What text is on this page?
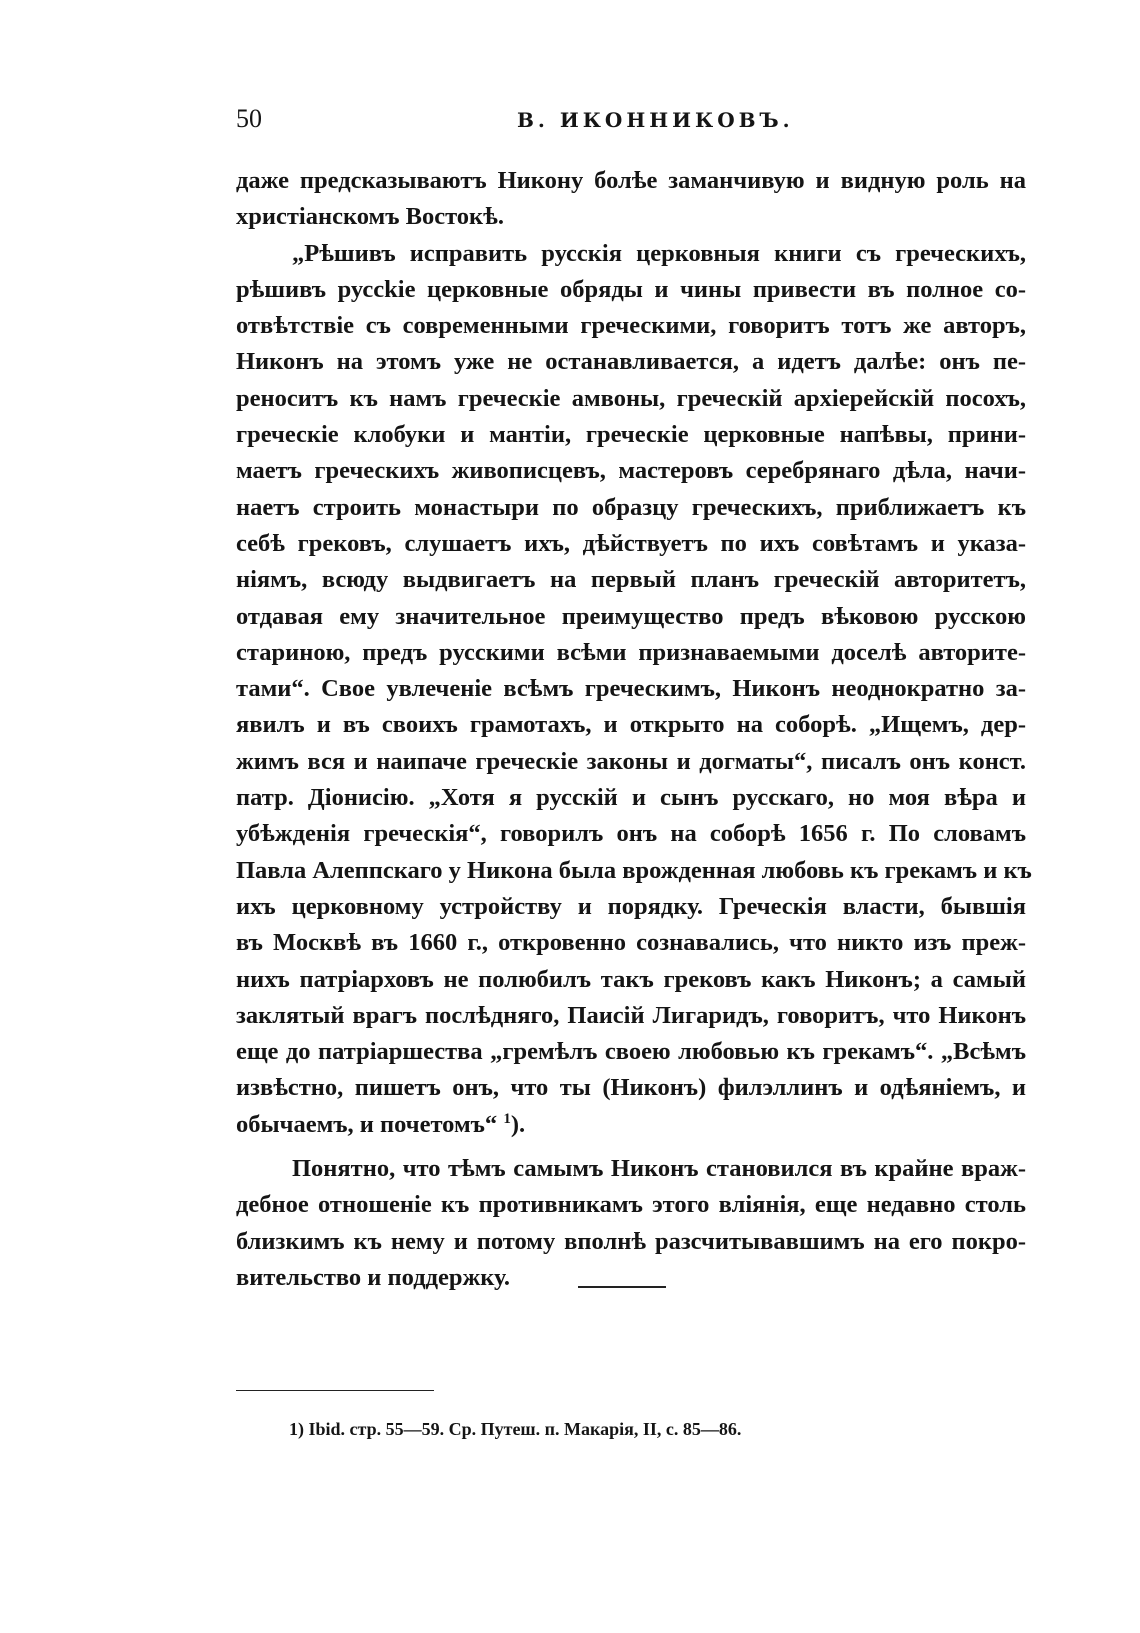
50	В. ИКОННИКОВЪ.

даже предсказываютъ Никону болѣе заманчивую и видную роль на
христіанскомъ Востокѣ.

„Рѣшивъ исправить русскія церковныя книги съ греческихъ,
рѣшивъ руссkie церковные обряды и чины привести въ полное со-
отвѣтствіе съ современными греческими, говоритъ тотъ же авторъ,
Никонъ на этомъ уже не останавливается, а идетъ далѣе: онъ пе-
реноситъ къ намъ греческіе амвоны, греческій архіерейскій посохъ,
греческіе клобуки и мантіи, греческіе церковные напѣвы, прини-
маетъ греческихъ живописцевъ, мастеровъ серебрянаго дѣла, начи-
наетъ строить монастыри по образцу греческихъ, приближаетъ къ
себѣ грековъ, слушаетъ ихъ, дѣйствуетъ по ихъ совѣтамъ и указа-
ніямъ, всюду выдвигаетъ на первый планъ греческій авторитетъ,
отдавая ему значительное преимущество предъ вѣковою русскою
стариною, предъ русскими всѣми признаваемыми доселѣ авторите-
тами“. Свое увлеченіе всѣмъ греческимъ, Никонъ неоднократно за-
явилъ и въ своихъ грамотахъ, и открыто на соборѣ. „Ищемъ, дер-
жимъ вся и наипаче греческіе законы и догматы“, писалъ онъ конст.
патр. Діонисію. „Хотя я русскій и сынъ русскаго, но моя вѣра и
убѣжденія греческія“, говорилъ онъ на соборѣ 1656 г. По словамъ
Павла Алеппскаго у Никона была врожденная любовь къ грекамъ и къ
ихъ церковному устройству и порядку. Греческія власти, бывшія
въ Москвѣ въ 1660 г., откровенно сознавались, что никто изъ преж-
нихъ патріарховъ не полюбилъ такъ грековъ какъ Никонъ; а самый
заклятый врагъ послѣдняго, Паисій Лигаридъ, говоритъ, что Никонъ
еще до патріаршества „гремѣлъ своею любовью къ грекамъ“. „Всѣмъ
извѣстно, пишетъ онъ, что ты (Никонъ) филэллинъ и одѣяніемъ, и
обычаемъ, и почетомъ“ $^1$).

Понятно, что тѣмъ самымъ Никонъ становился въ крайне враж-
дебное отношеніе къ противникамъ этого вліянія, еще недавно столь
близкимъ къ нему и потому вполнѣ разсчитывавшимъ на его покро-
вительство и поддержку.

1) Ibid. стр. 55—59. Ср. Путеш. п. Макарія, II, с. 85—86.
